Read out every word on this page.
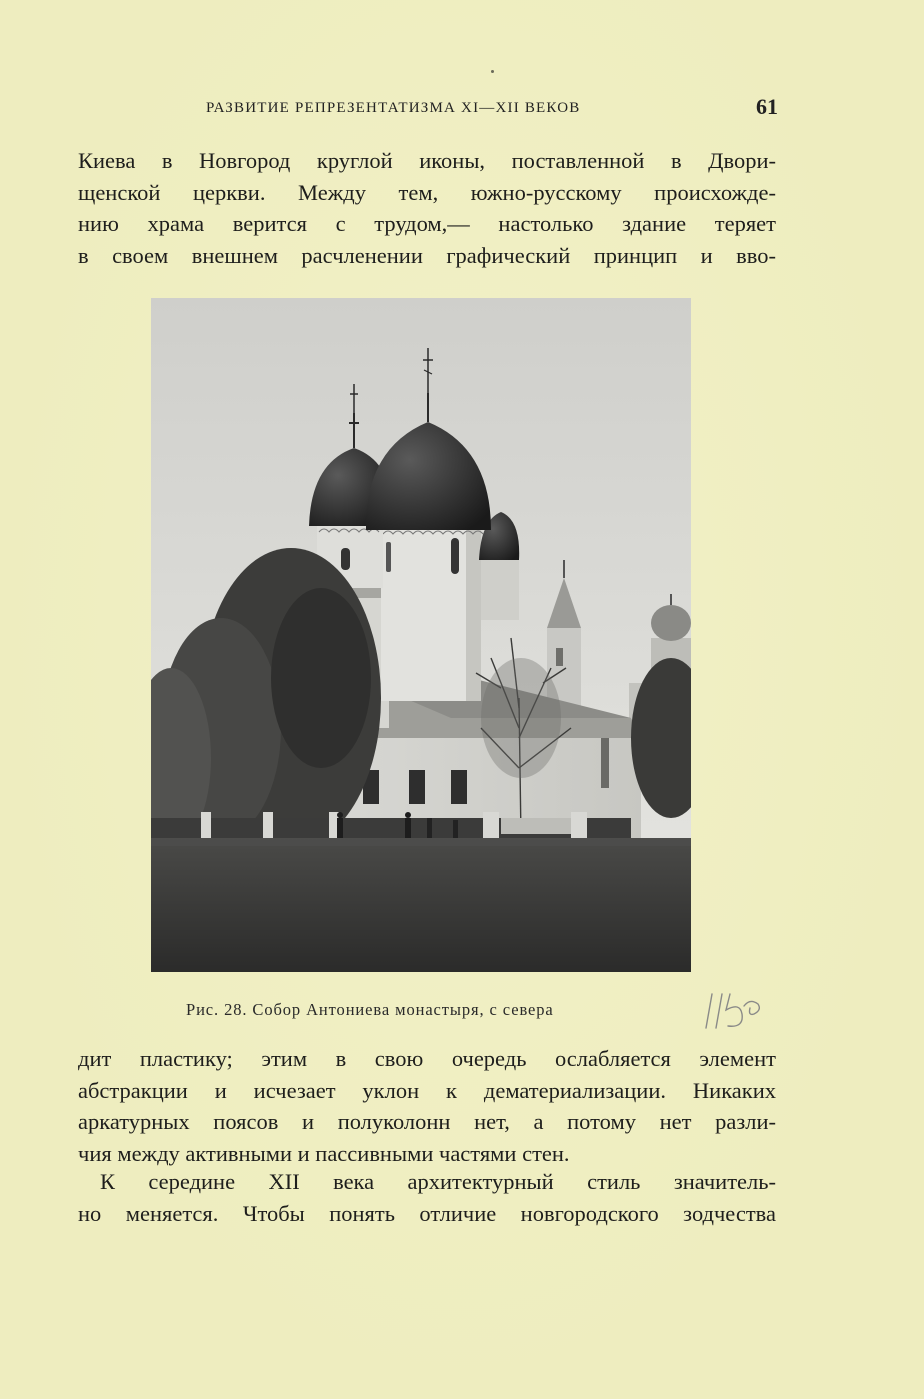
РАЗВИТИЕ РЕПРЕЗЕНТАТИЗМА XI—XII ВЕКОВ	61
Киева в Новгород круглой иконы, поставленной в Двори-
щенской церкви. Между тем, южно-русскому происхожде-
нию храма верится с трудом,— настолько здание теряет
в своем внешнем расчленении графический принцип и вво-
Рис. 28. Собор Антониева монастыря, с севера
дит пластику; этим в свою очередь ослабляется элемент
абстракции и исчезает уклон к дематериализации. Никаких
аркатурных поясов и полуколонн нет, а потому нет разли-
чия между активными и пассивными частями стен.
К середине XII века архитектурный стиль значитель-
но меняется. Чтобы понять отличие новгородского зодчества
